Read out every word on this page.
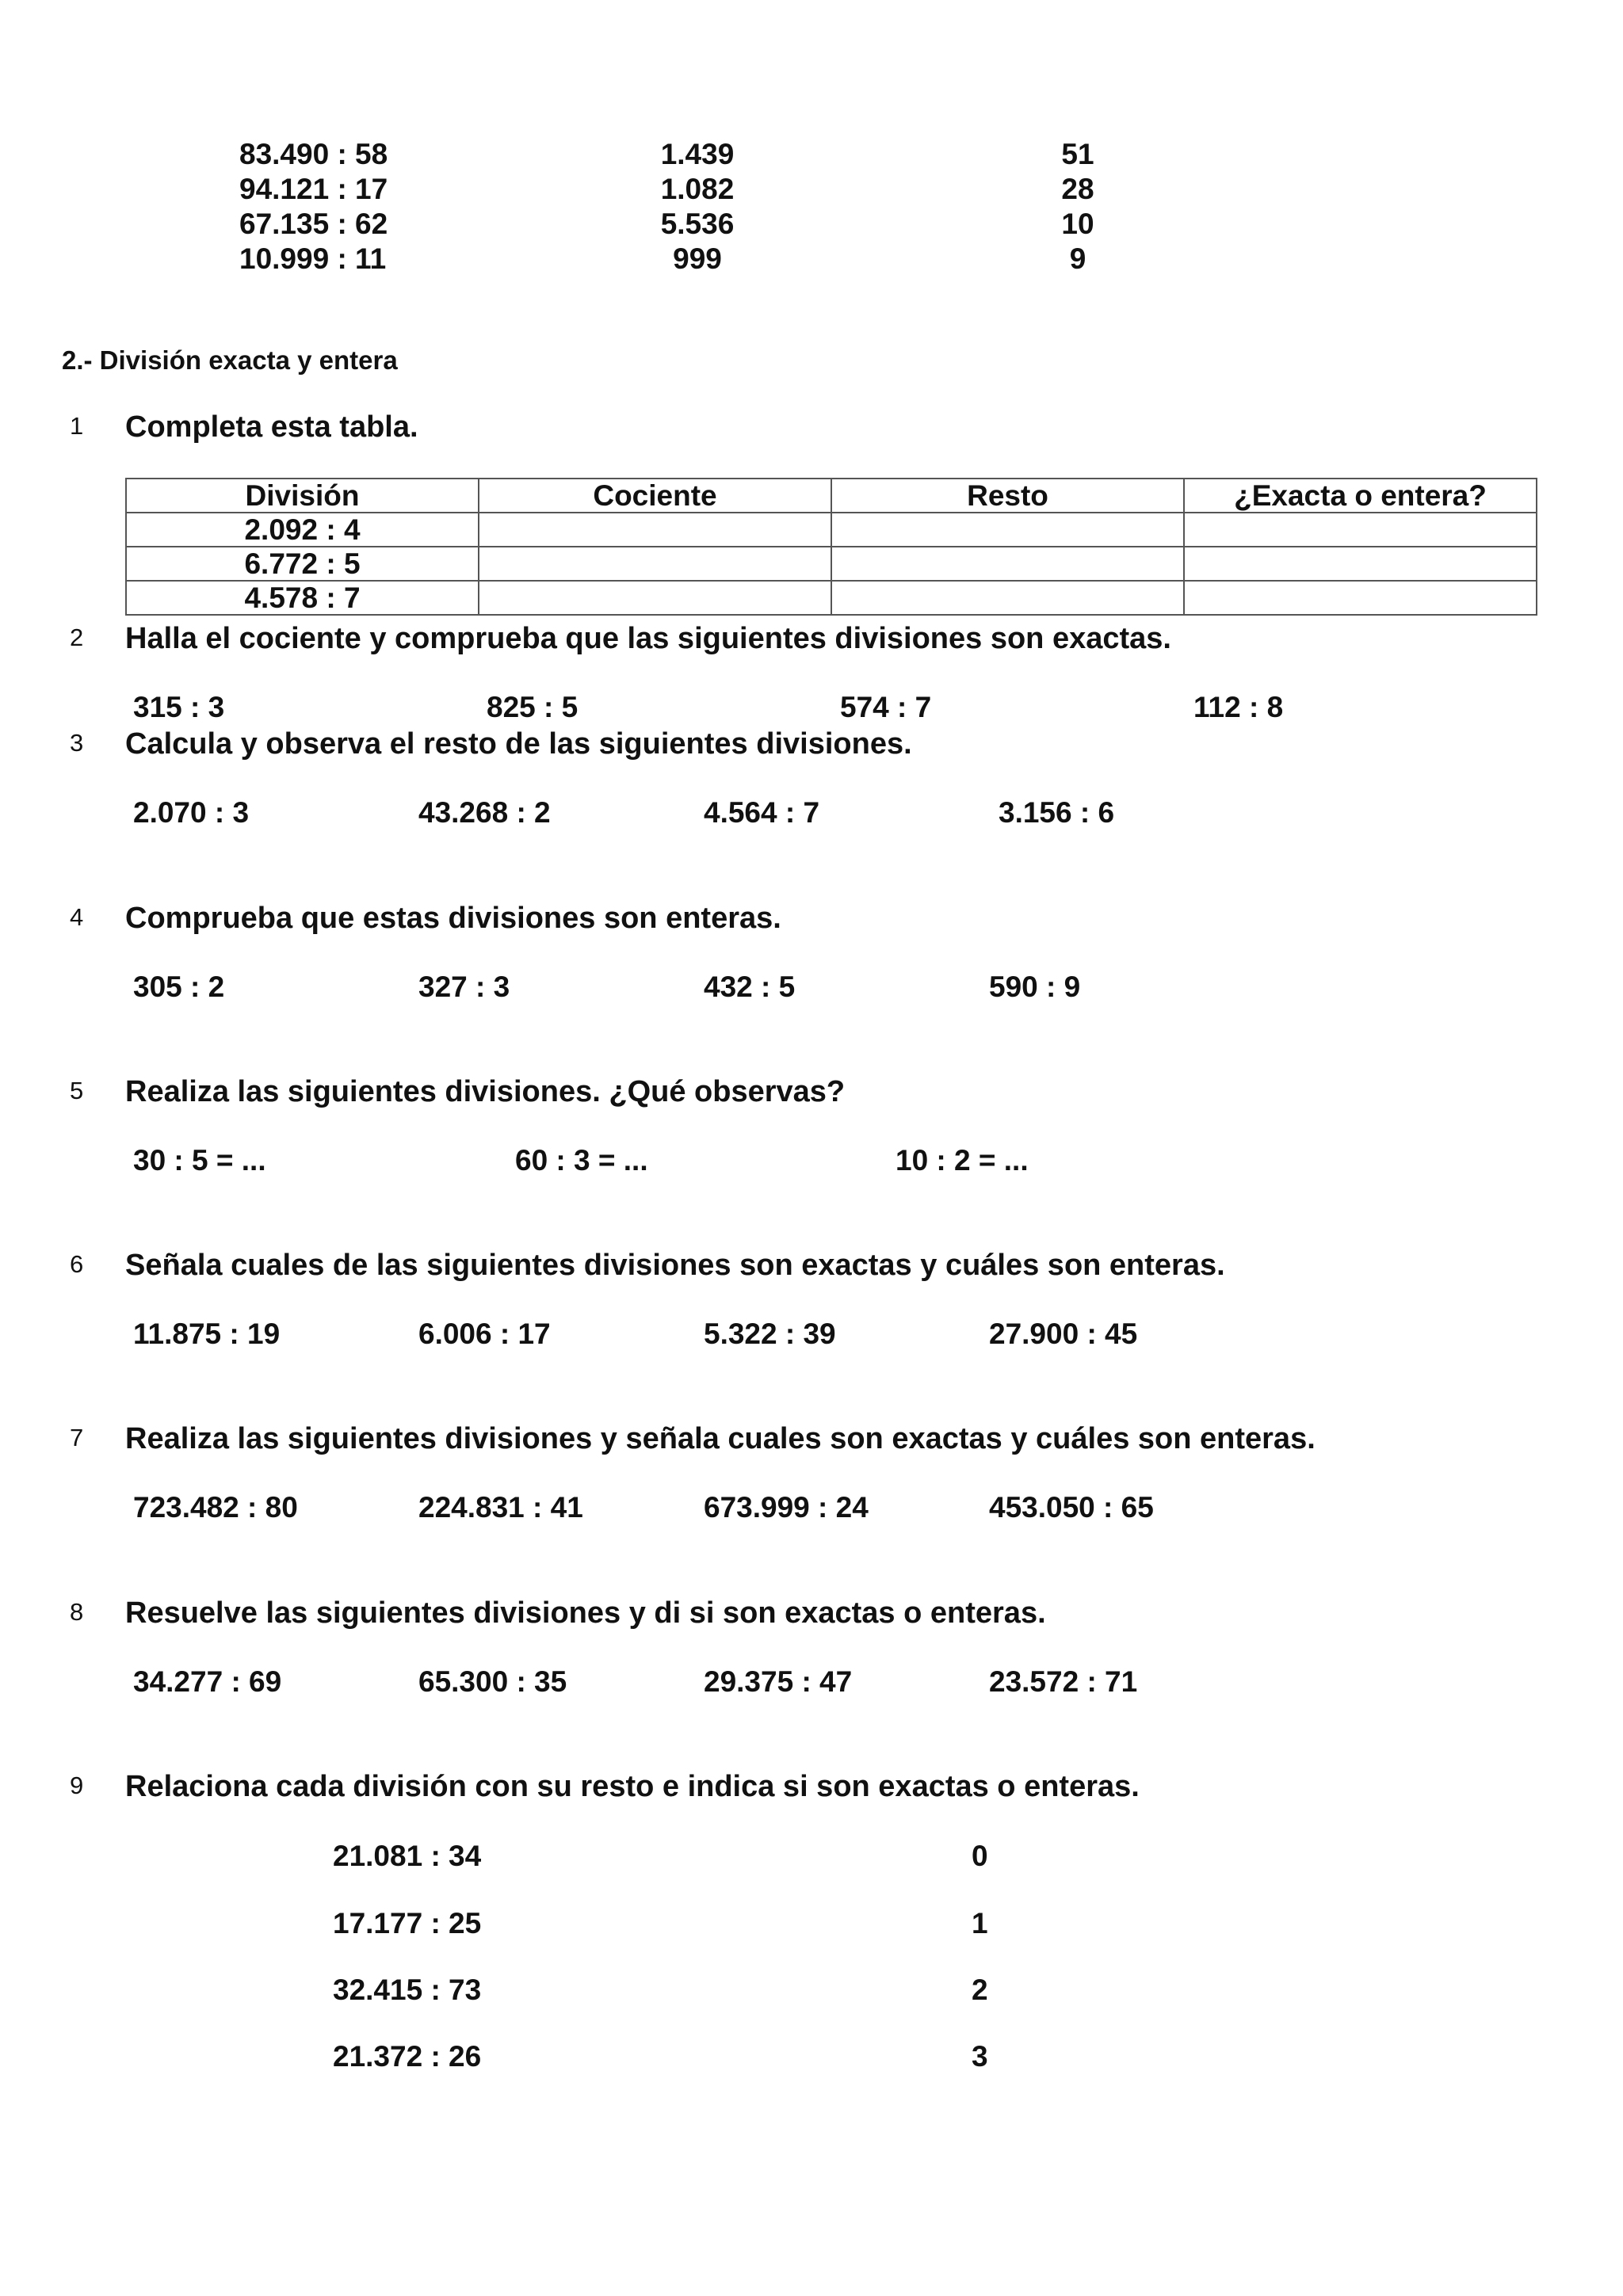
83.490 : 58	1.439	51
94.121 : 17	1.082	28
67.135 : 62	5.536	10
10.999 : 11	999	9
2.- División exacta y entera
1 Completa esta tabla.
División	Cociente	Resto	¿Exacta o entera?
2.092 : 4			
6.772 : 5			
4.578 : 7			
2 Halla el cociente y comprueba que las siguientes divisiones son exactas.
315 : 3	825 : 5	574 : 7	112 : 8
3 Calcula y observa el resto de las siguientes divisiones.
2.070 : 3	43.268 : 2	4.564 : 7	3.156 : 6
4 Comprueba que estas divisiones son enteras.
305 : 2	327 : 3	432 : 5	590 : 9
5 Realiza las siguientes divisiones. ¿Qué observas?
30 : 5 = ...	60 : 3 = ...	10 : 2 = ...
6 Señala cuales de las siguientes divisiones son exactas y cuáles son enteras.
11.875 : 19	6.006 : 17	5.322 : 39	27.900 : 45
7 Realiza las siguientes divisiones y señala cuales son exactas y cuáles son enteras.
723.482 : 80	224.831 : 41	673.999 : 24	453.050 : 65
8 Resuelve las siguientes divisiones y di si son exactas o enteras.
34.277 : 69	65.300 : 35	29.375 : 47	23.572 : 71
9 Relaciona cada división con su resto e indica si son exactas o enteras.
21.081 : 34	0
17.177 : 25	1
32.415 : 73	2
21.372 : 26	3
